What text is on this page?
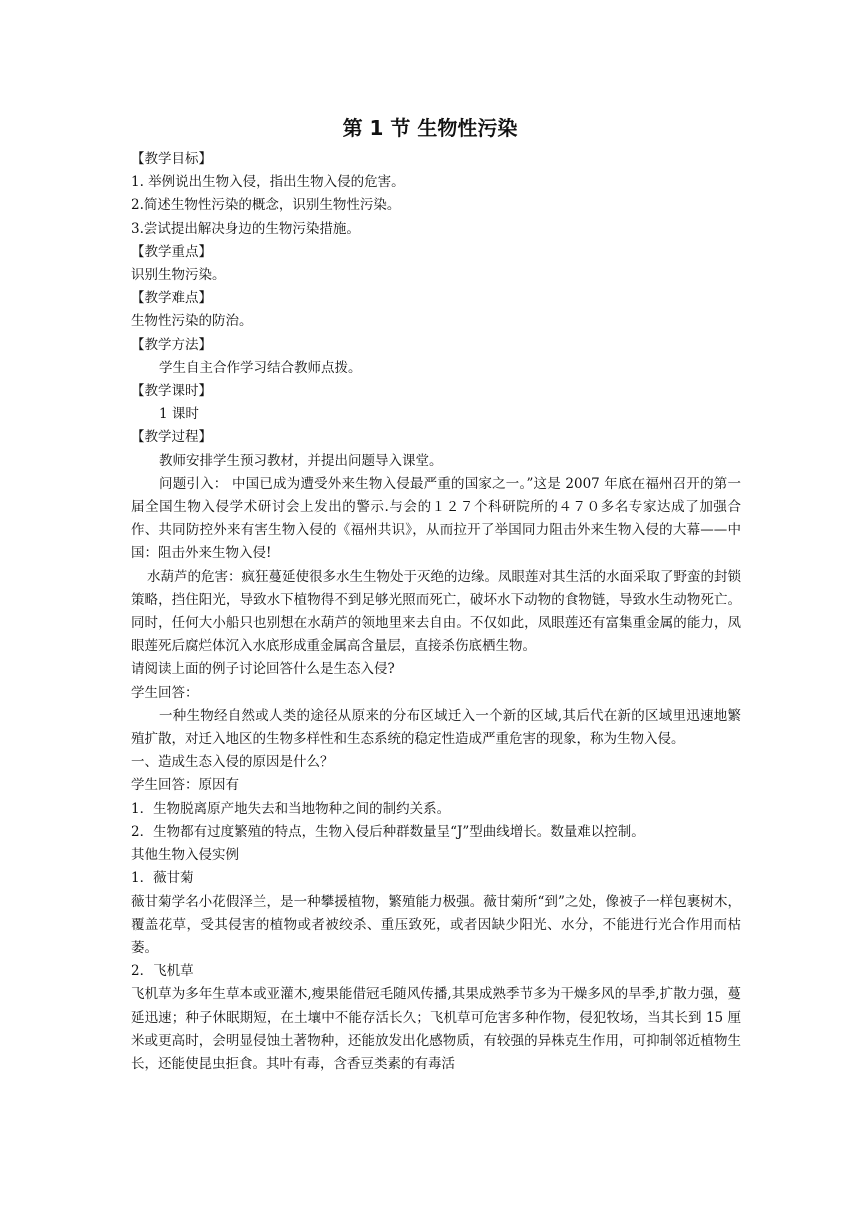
第 1 节 生物性污染

【教学目标】

1. 举例说出生物入侵，指出生物入侵的危害。

2.简述生物性污染的概念，识别生物性污染。

3.尝试提出解决身边的生物污染措施。

【教学重点】

识别生物污染。

【教学难点】

生物性污染的防治。

【教学方法】

学生自主合作学习结合教师点拨。

【教学课时】

1 课时

【教学过程】

教师安排学生预习教材，并提出问题导入课堂。

问题引入： 中国已成为遭受外来生物入侵最严重的国家之一。”这是 2007 年底在福州召开的第一届全国生物入侵学术研讨会上发出的警示.与会的１２７个科研院所的４７０多名专家达成了加强合作、共同防控外来有害生物入侵的《福州共识》，从而拉开了举国同力阻击外来生物入侵的大幕——中国：阻击外来生物入侵!

水葫芦的危害：疯狂蔓延使很多水生生物处于灭绝的边缘。凤眼莲对其生活的水面采取了野蛮的封锁策略，挡住阳光，导致水下植物得不到足够光照而死亡，破坏水下动物的食物链，导致水生动物死亡。同时，任何大小船只也别想在水葫芦的领地里来去自由。不仅如此，凤眼莲还有富集重金属的能力，凤眼莲死后腐烂体沉入水底形成重金属高含量层，直接杀伤底栖生物。

请阅读上面的例子讨论回答什么是生态入侵?

学生回答：

一种生物经自然或人类的途径从原来的分布区域迁入一个新的区域,其后代在新的区域里迅速地繁殖扩散，对迁入地区的生物多样性和生态系统的稳定性造成严重危害的现象，称为生物入侵。

一、造成生态入侵的原因是什么？

学生回答：原因有

1．生物脱离原产地失去和当地物种之间的制约关系。

2．生物都有过度繁殖的特点，生物入侵后种群数量呈“J”型曲线增长。数量难以控制。

其他生物入侵实例

1．薇甘菊

薇甘菊学名小花假泽兰，是一种攀援植物，繁殖能力极强。薇甘菊所“到”之处，像被子一样包裹树木，覆盖花草，受其侵害的植物或者被绞杀、重压致死，或者因缺少阳光、水分，不能进行光合作用而枯萎。

2．飞机草

飞机草为多年生草本或亚灌木,瘦果能借冠毛随风传播,其果成熟季节多为干燥多风的旱季,扩散力强，蔓延迅速；种子休眠期短，在土壤中不能存活长久；飞机草可危害多种作物，侵犯牧场，当其长到 15 厘米或更高时，会明显侵蚀土著物种，还能放发出化感物质，有较强的异株克生作用，可抑制邻近植物生长，还能使昆虫拒食。其叶有毒，含香豆类素的有毒活
